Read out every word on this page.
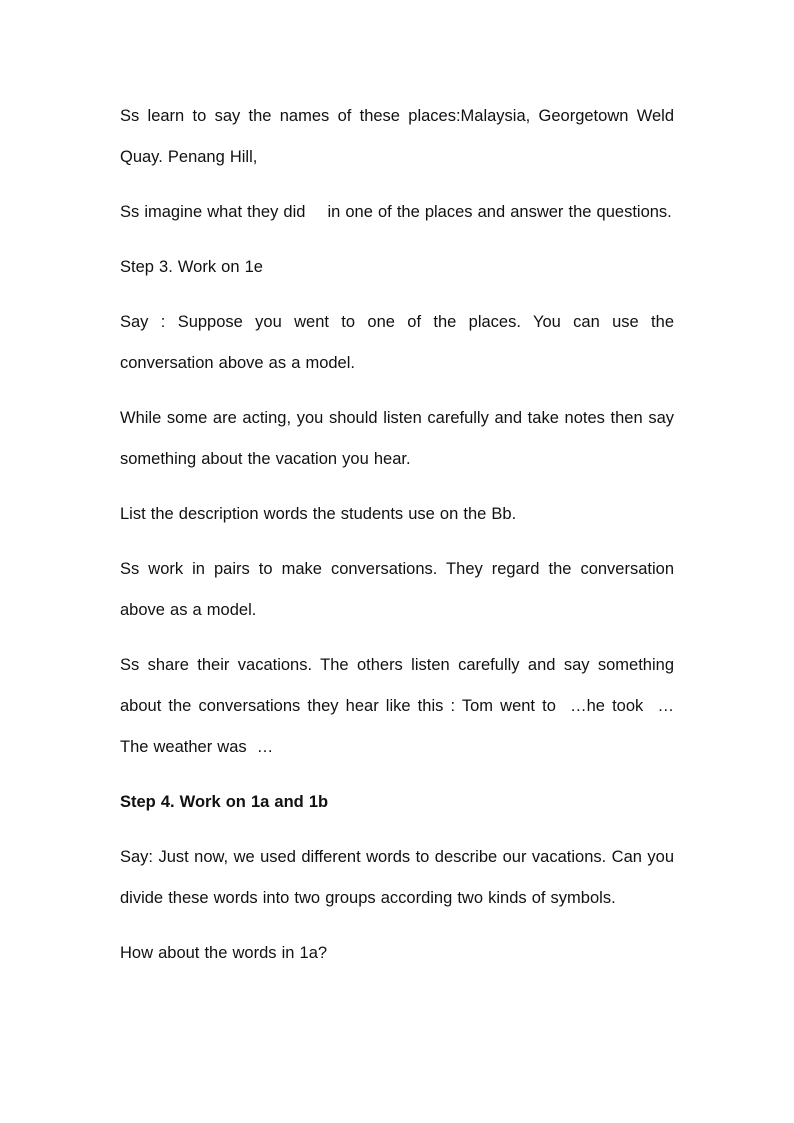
Ss learn to say the names of these places:Malaysia, Georgetown Weld Quay. Penang Hill,

Ss imagine what they did in one of the places and answer the questions.

Step 3. Work on 1e

Say : Suppose you went to one of the places. You can use the conversation above as a model.

While some are acting, you should listen carefully and take notes then say something about the vacation you hear.

List the description words the students use on the Bb.

Ss work in pairs to make conversations. They regard the conversation above as a model.

Ss share their vacations. The others listen carefully and say something about the conversations they hear like this : Tom went to  …he took  … The weather was  …

Step 4. Work on 1a and 1b

Say: Just now, we used different words to describe our vacations. Can you divide these words into two groups according two kinds of symbols.

How about the words in 1a?
